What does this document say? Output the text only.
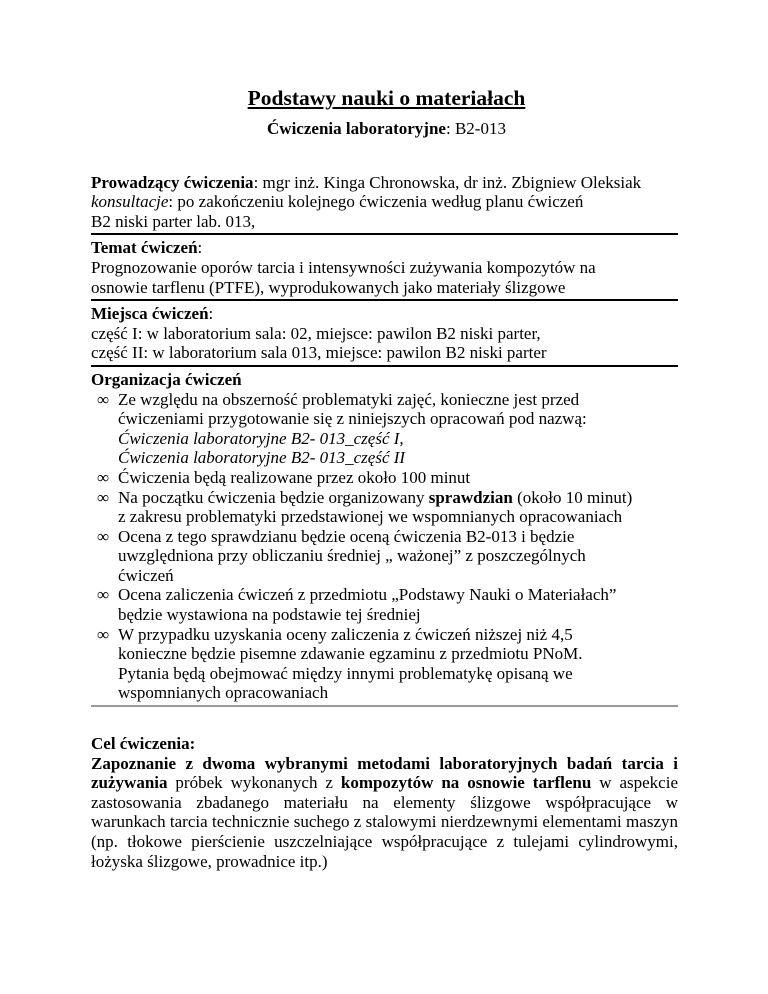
Podstawy nauki o materiałach
Ćwiczenia laboratoryjne: B2-013
Prowadzący ćwiczenia: mgr inż. Kinga Chronowska, dr inż. Zbigniew Oleksiak
konsultacje: po zakończeniu kolejnego ćwiczenia według planu ćwiczeń
B2 niski parter lab. 013,
Temat ćwiczeń:
Prognozowanie oporów tarcia i intensywności zużywania kompozytów na
osnowie tarflenu (PTFE), wyprodukowanych jako materiały ślizgowe
Miejsca ćwiczeń:
część I: w laboratorium sala: 02, miejsce: pawilon B2 niski parter,
część II: w laboratorium sala 013, miejsce: pawilon B2 niski parter
Organizacja ćwiczeń
∞ Ze względu na obszerność problematyki zajęć, konieczne jest przed
ćwiczeniami przygotowanie się z niniejszych opracowań pod nazwą:
Ćwiczenia laboratoryjne B2- 013_część I,
Ćwiczenia laboratoryjne B2- 013_część II
∞ Ćwiczenia będą realizowane przez około 100 minut
∞ Na początku ćwiczenia będzie organizowany sprawdzian (około 10 minut)
z zakresu problematyki przedstawionej we wspomnianych opracowaniach
∞ Ocena z tego sprawdzianu będzie oceną ćwiczenia B2-013 i będzie
uwzględniona przy obliczaniu średniej „ ważonej” z poszczególnych
ćwiczeń
∞ Ocena zaliczenia ćwiczeń z przedmiotu „Podstawy Nauki o Materiałach”
będzie wystawiona na podstawie tej średniej
∞ W przypadku uzyskania oceny zaliczenia z ćwiczeń niższej niż 4,5
konieczne będzie pisemne zdawanie egzaminu z przedmiotu PNoM.
Pytania będą obejmować między innymi problematykę opisaną we
wspomnianych opracowaniach
Cel ćwiczenia:
Zapoznanie z dwoma wybranymi metodami laboratoryjnych badań tarcia i zużywania próbek wykonanych z kompozytów na osnowie tarflenu w aspekcie zastosowania zbadanego materiału na elementy ślizgowe współpracujące w warunkach tarcia technicznie suchego z stalowymi nierdzewnymi elementami maszyn (np. tłokowe pierścienie uszczelniające współpracujące z tulejami cylindrowymi, łożyska ślizgowe, prowadnice itp.)
